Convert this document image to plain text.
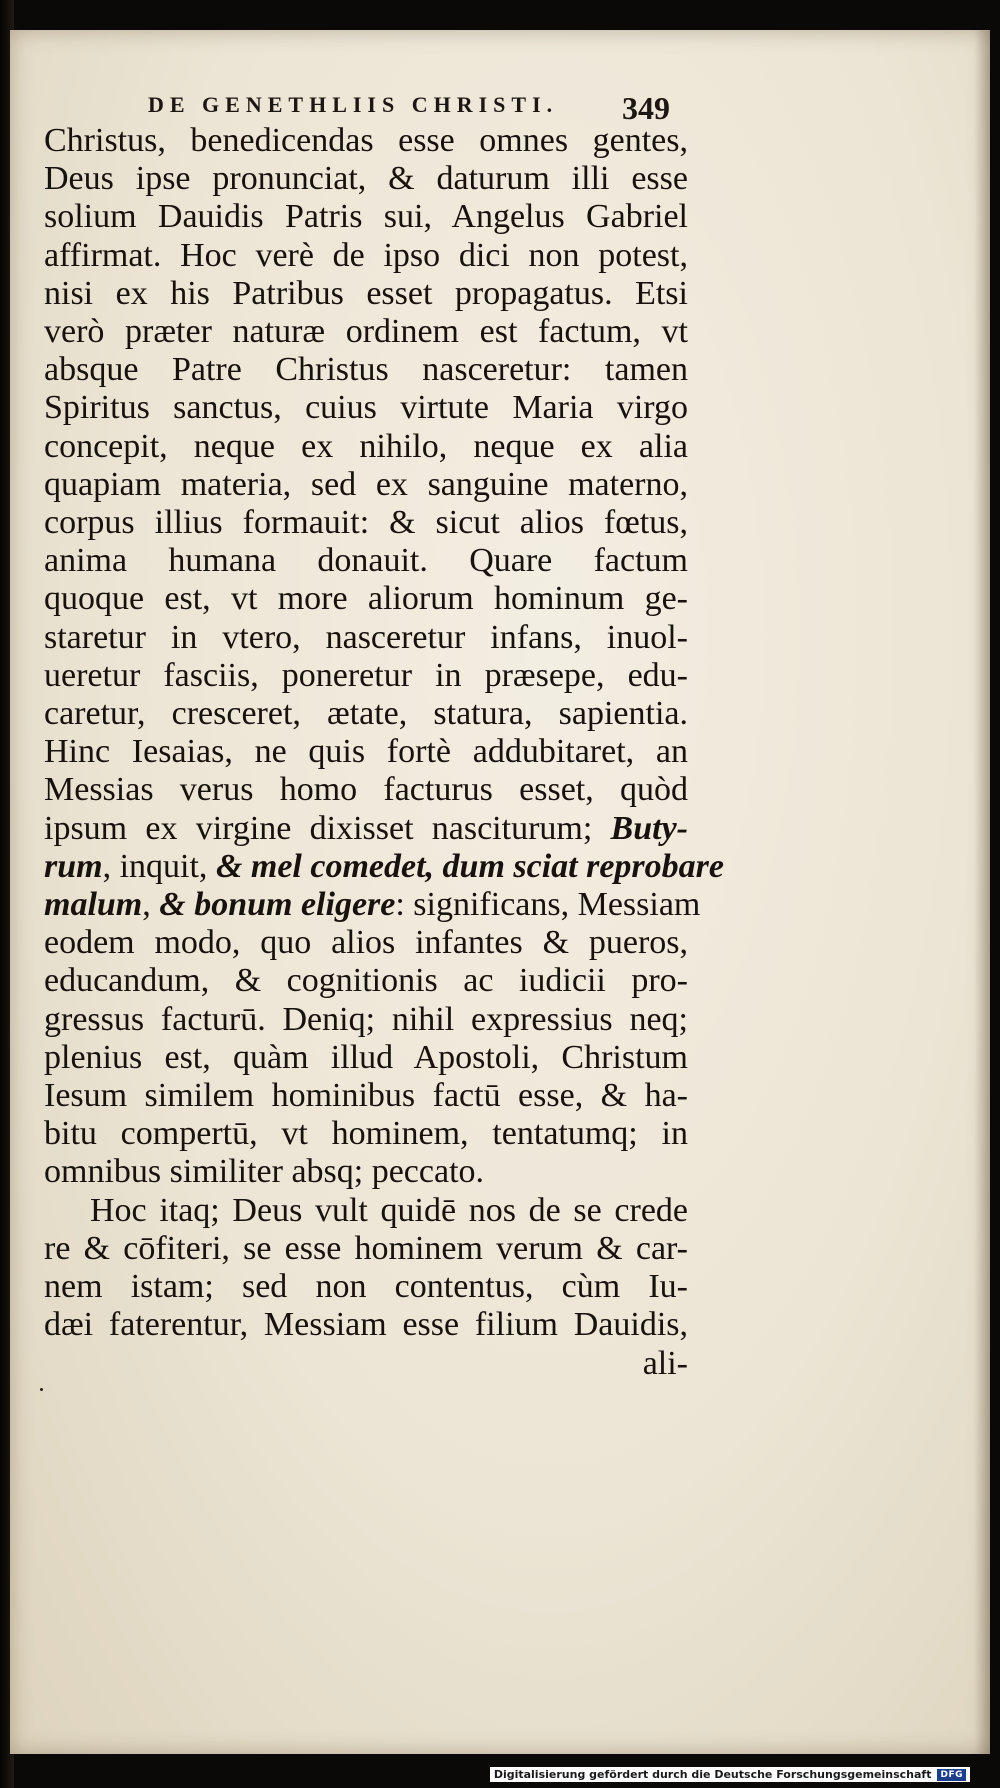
DE GENETHLIIS CHRISTI.	349
Christus, benedicendas esse omnes gentes,
Deus ipse pronunciat, & daturum illi esse
solium Dauidis Patris sui, Angelus Gabriel
affirmat. Hoc verè de ipso dici non potest,
nisi ex his Patribus esset propagatus. Etsi
verò præter naturæ ordinem est factum, vt
absque Patre Christus nasceretur: tamen
Spiritus sanctus, cuius virtute Maria virgo
concepit, neque ex nihilo, neque ex alia
quapiam materia, sed ex sanguine materno,
corpus illius formauit: & sicut alios fœtus,
anima humana donauit. Quare factum
quoque est, vt more aliorum hominum ge-
staretur in vtero, nasceretur infans, inuol-
ueretur fasciis, poneretur in præsepe, edu-
caretur, cresceret, ætate, statura, sapientia.
Hinc Iesaias, ne quis fortè addubitaret, an
Messias verus homo facturus esset, quòd
ipsum ex virgine dixisset nasciturum; Buty-
rum, inquit, & mel comedet, dum sciat reprobare
malum, & bonum eligere: significans, Messiam
eodem modo, quo alios infantes & pueros,
educandum, & cognitionis ac iudicii pro-
gressus facturū. Deniq; nihil expressius neq;
plenius est, quàm illud Apostoli, Christum
Iesum similem hominibus factū esse, & ha-
bitu compertū, vt hominem, tentatumq; in
omnibus similiter absq; peccato.
Hoc itaq; Deus vult quidē nos de se crede
re & cōfiteri, se esse hominem verum & car-
nem istam; sed non contentus, cùm Iu-
dæi faterentur, Messiam esse filium Dauidis,
ali-
Digitalisierung gefördert durch die Deutsche Forschungsgemeinschaft	DFG
